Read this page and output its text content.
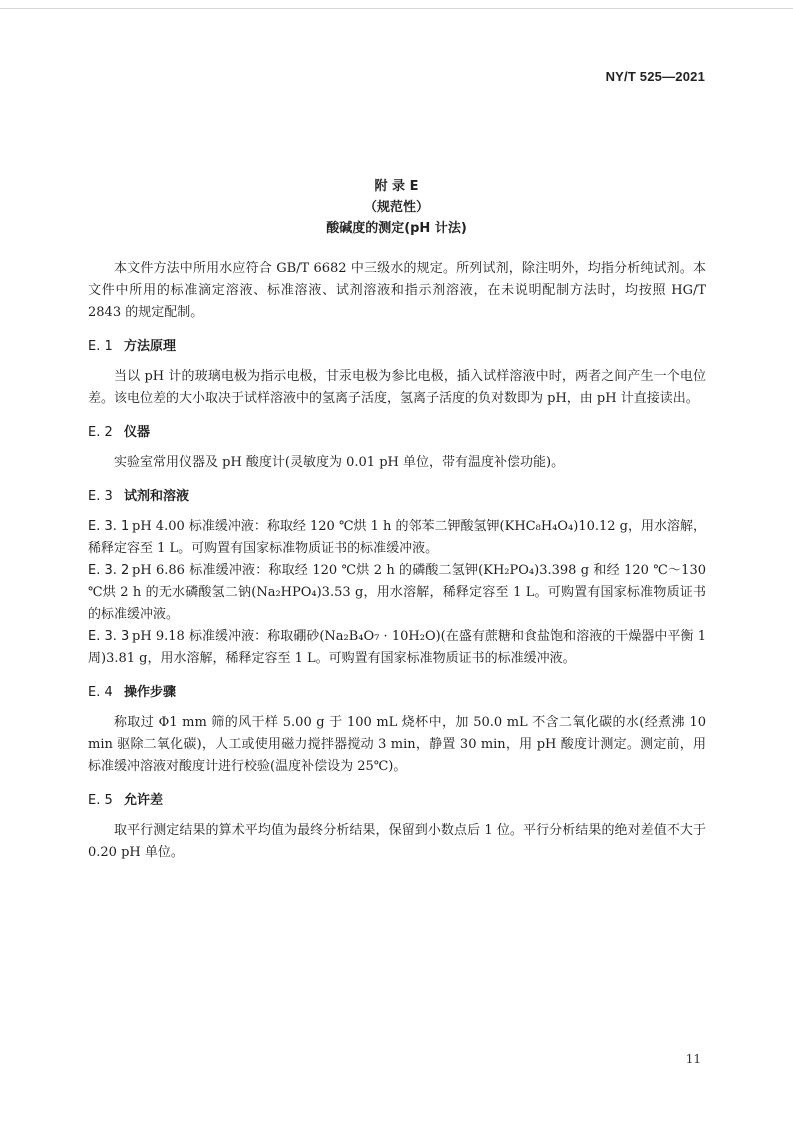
NY/T 525—2021
附 录 E
（规范性）
酸碱度的测定(pH 计法)

本文件方法中所用水应符合 GB/T 6682 中三级水的规定。所列试剂，除注明外，均指分析纯试剂。本文件中所用的标准滴定溶液、标准溶液、试剂溶液和指示剂溶液，在未说明配制方法时，均按照 HG/T 2843 的规定配制。

E. 1 方法原理

当以 pH 计的玻璃电极为指示电极，甘汞电极为参比电极，插入试样溶液中时，两者之间产生一个电位差。该电位差的大小取决于试样溶液中的氢离子活度，氢离子活度的负对数即为 pH，由 pH 计直接读出。

E. 2 仪器

实验室常用仪器及 pH 酸度计(灵敏度为 0.01 pH 单位，带有温度补偿功能)。

E. 3 试剂和溶液

E. 3. 1 pH 4.00 标准缓冲液：称取经 120 ℃烘 1 h 的邻苯二钾酸氢钾(KHC₈H₄O₄)10.12 g，用水溶解，稀释定容至 1 L。可购置有国家标准物质证书的标准缓冲液。

E. 3. 2 pH 6.86 标准缓冲液：称取经 120 ℃烘 2 h 的磷酸二氢钾(KH₂PO₄)3.398 g 和经 120 ℃～130 ℃烘 2 h 的无水磷酸氢二钠(Na₂HPO₄)3.53 g，用水溶解，稀释定容至 1 L。可购置有国家标准物质证书的标准缓冲液。

E. 3. 3 pH 9.18 标准缓冲液：称取硼砂(Na₂B₄O₇ · 10H₂O)(在盛有蔗糖和食盐饱和溶液的干燥器中平衡 1 周)3.81 g，用水溶解，稀释定容至 1 L。可购置有国家标准物质证书的标准缓冲液。

E. 4 操作步骤

称取过 Φ1 mm 筛的风干样 5.00 g 于 100 mL 烧杯中，加 50.0 mL 不含二氧化碳的水(经煮沸 10 min 驱除二氧化碳)，人工或使用磁力搅拌器搅动 3 min，静置 30 min，用 pH 酸度计测定。测定前，用标准缓冲溶液对酸度计进行校验(温度补偿设为 25℃)。

E. 5 允许差

取平行测定结果的算术平均值为最终分析结果，保留到小数点后 1 位。平行分析结果的绝对差值不大于 0.20 pH 单位。

11
